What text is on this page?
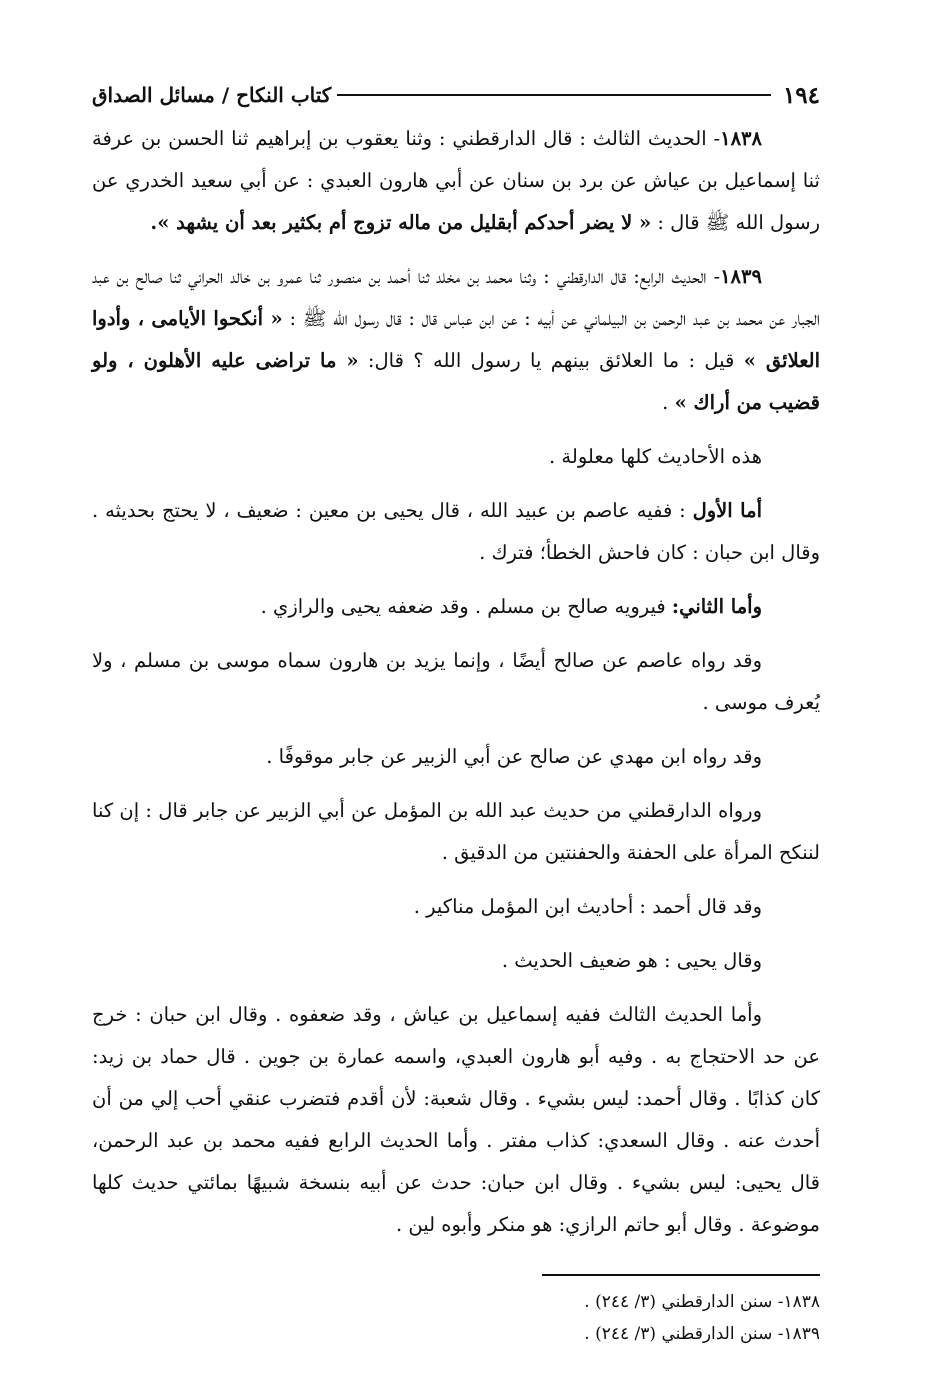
١٩٤
كتاب النكاح / مسائل الصداق

١٨٣٨- الحديث الثالث : قال الدارقطني : وثنا يعقوب بن إبراهيم ثنا الحسن بن عرفة ثنا إسماعيل بن عياش عن برد بن سنان عن أبي هارون العبدي : عن أبي سعيد الخدري عن رسول الله ﷺ قال : « لا يضر أحدكم أبقليل من ماله تزوج أم بكثير بعد أن يشهد ».

١٨٣٩- الحديث الرابع: قال الدارقطني : وثنا محمد بن مخلد ثنا أحمد بن منصور ثنا عمرو بن خالد الحراني ثنا صالح بن عبد الجبار عن محمد بن عبد الرحمن بن البيلماني عن أبيه : عن ابن عباس قال : قال رسول الله ﷺ : « أنكحوا الأيامى ، وأدوا العلائق » قيل : ما العلائق بينهم يا رسول الله ؟ قال: « ما تراضى عليه الأهلون ، ولو قضيب من أراك » .

هذه الأحاديث كلها معلولة .

أما الأول : ففيه عاصم بن عبيد الله ، قال يحيى بن معين : ضعيف ، لا يحتج بحديثه . وقال ابن حبان : كان فاحش الخطأ؛ فترك .

وأما الثاني: فيرويه صالح بن مسلم . وقد ضعفه يحيى والرازي .

وقد رواه عاصم عن صالح أيضًا ، وإنما يزيد بن هارون سماه موسى بن مسلم ، ولا يُعرف موسى .

وقد رواه ابن مهدي عن صالح عن أبي الزبير عن جابر موقوفًا .

ورواه الدارقطني من حديث عبد الله بن المؤمل عن أبي الزبير عن جابر قال : إن كنا لننكح المرأة على الحفنة والحفنتين من الدقيق .

وقد قال أحمد : أحاديث ابن المؤمل مناكير .

وقال يحيى : هو ضعيف الحديث .

وأما الحديث الثالث ففيه إسماعيل بن عياش ، وقد ضعفوه . وقال ابن حبان : خرج عن حد الاحتجاج به . وفيه أبو هارون العبدي، واسمه عمارة بن جوين . قال حماد بن زيد: كان كذابًا . وقال أحمد: ليس بشيء . وقال شعبة: لأن أقدم فتضرب عنقي أحب إلي من أن أحدث عنه . وقال السعدي: كذاب مفتر . وأما الحديث الرابع ففيه محمد بن عبد الرحمن، قال يحيى: ليس بشيء . وقال ابن حبان: حدث عن أبيه بنسخة شبيهًا بمائتي حديث كلها موضوعة . وقال أبو حاتم الرازي: هو منكر وأبوه لين .

١٨٣٨- سنن الدارقطني (٣/ ٢٤٤) .

١٨٣٩- سنن الدارقطني (٣/ ٢٤٤) .
